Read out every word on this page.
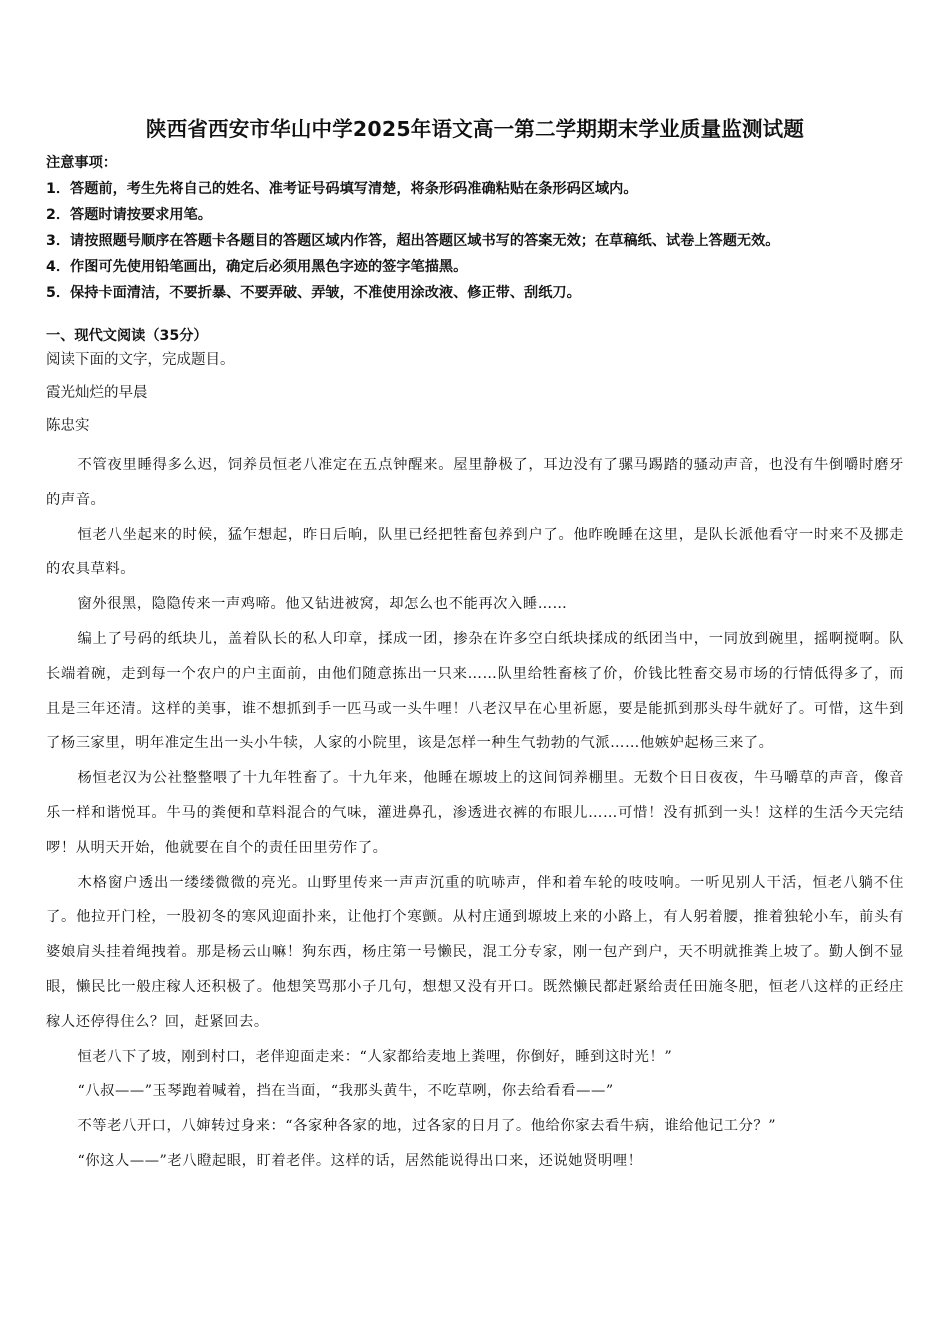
陕西省西安市华山中学2025年语文高一第二学期期末学业质量监测试题
注意事项：
1．答题前，考生先将自己的姓名、准考证号码填写清楚，将条形码准确粘贴在条形码区域内。
2．答题时请按要求用笔。
3．请按照题号顺序在答题卡各题目的答题区域内作答，超出答题区域书写的答案无效；在草稿纸、试卷上答题无效。
4．作图可先使用铅笔画出，确定后必须用黑色字迹的签字笔描黑。
5．保持卡面清洁，不要折暴、不要弄破、弄皱，不准使用涂改液、修正带、刮纸刀。
一、现代文阅读（35分）
阅读下面的文字，完成题目。
霞光灿烂的早晨
陈忠实

不管夜里睡得多么迟，饲养员恒老八准定在五点钟醒来。屋里静极了，耳边没有了骡马踢踏的骚动声音，也没有牛倒嚼时磨牙的声音。

恒老八坐起来的时候，猛乍想起，昨日后晌，队里已经把牲畜包养到户了。他昨晚睡在这里，是队长派他看守一时来不及挪走的农具草料。

窗外很黑，隐隐传来一声鸡啼。他又钻进被窝，却怎么也不能再次入睡……

编上了号码的纸块儿，盖着队长的私人印章，揉成一团，掺杂在许多空白纸块揉成的纸团当中，一同放到碗里，摇啊搅啊。队长端着碗，走到每一个农户的户主面前，由他们随意拣出一只来……队里给牲畜核了价，价钱比牲畜交易市场的行情低得多了，而且是三年还清。这样的美事，谁不想抓到手一匹马或一头牛哩！八老汉早在心里祈愿，要是能抓到那头母牛就好了。可惜，这牛到了杨三家里，明年准定生出一头小牛犊，人家的小院里，该是怎样一种生气勃勃的气派……他嫉妒起杨三来了。

杨恒老汉为公社整整喂了十九年牲畜了。十九年来，他睡在塬坡上的这间饲养棚里。无数个日日夜夜，牛马嚼草的声音，像音乐一样和谐悦耳。牛马的粪便和草料混合的气味，灌进鼻孔，渗透进衣裤的布眼儿……可惜！没有抓到一头！这样的生活今天完结啰！从明天开始，他就要在自个的责任田里劳作了。

木格窗户透出一缕缕微微的亮光。山野里传来一声声沉重的吭哧声，伴和着车轮的吱吱响。一听见别人干活，恒老八躺不住了。他拉开门栓，一股初冬的寒风迎面扑来，让他打个寒颤。从村庄通到塬坡上来的小路上，有人躬着腰，推着独轮小车，前头有婆娘肩头挂着绳拽着。那是杨云山嘛！狗东西，杨庄第一号懒民，混工分专家，刚一包产到户，天不明就推粪上坡了。勤人倒不显眼，懒民比一般庄稼人还积极了。他想笑骂那小子几句，想想又没有开口。既然懒民都赶紧给责任田施冬肥，恒老八这样的正经庄稼人还停得住么？回，赶紧回去。

恒老八下了坡，刚到村口，老伴迎面走来：“人家都给麦地上粪哩，你倒好，睡到这时光！”

“八叔——”玉琴跑着喊着，挡在当面，“我那头黄牛，不吃草咧，你去给看看——”

不等老八开口，八婶转过身来：“各家种各家的地，过各家的日月了。他给你家去看牛病，谁给他记工分？”

“你这人——”老八瞪起眼，盯着老伴。这样的话，居然能说得出口来，还说她贤明哩！
